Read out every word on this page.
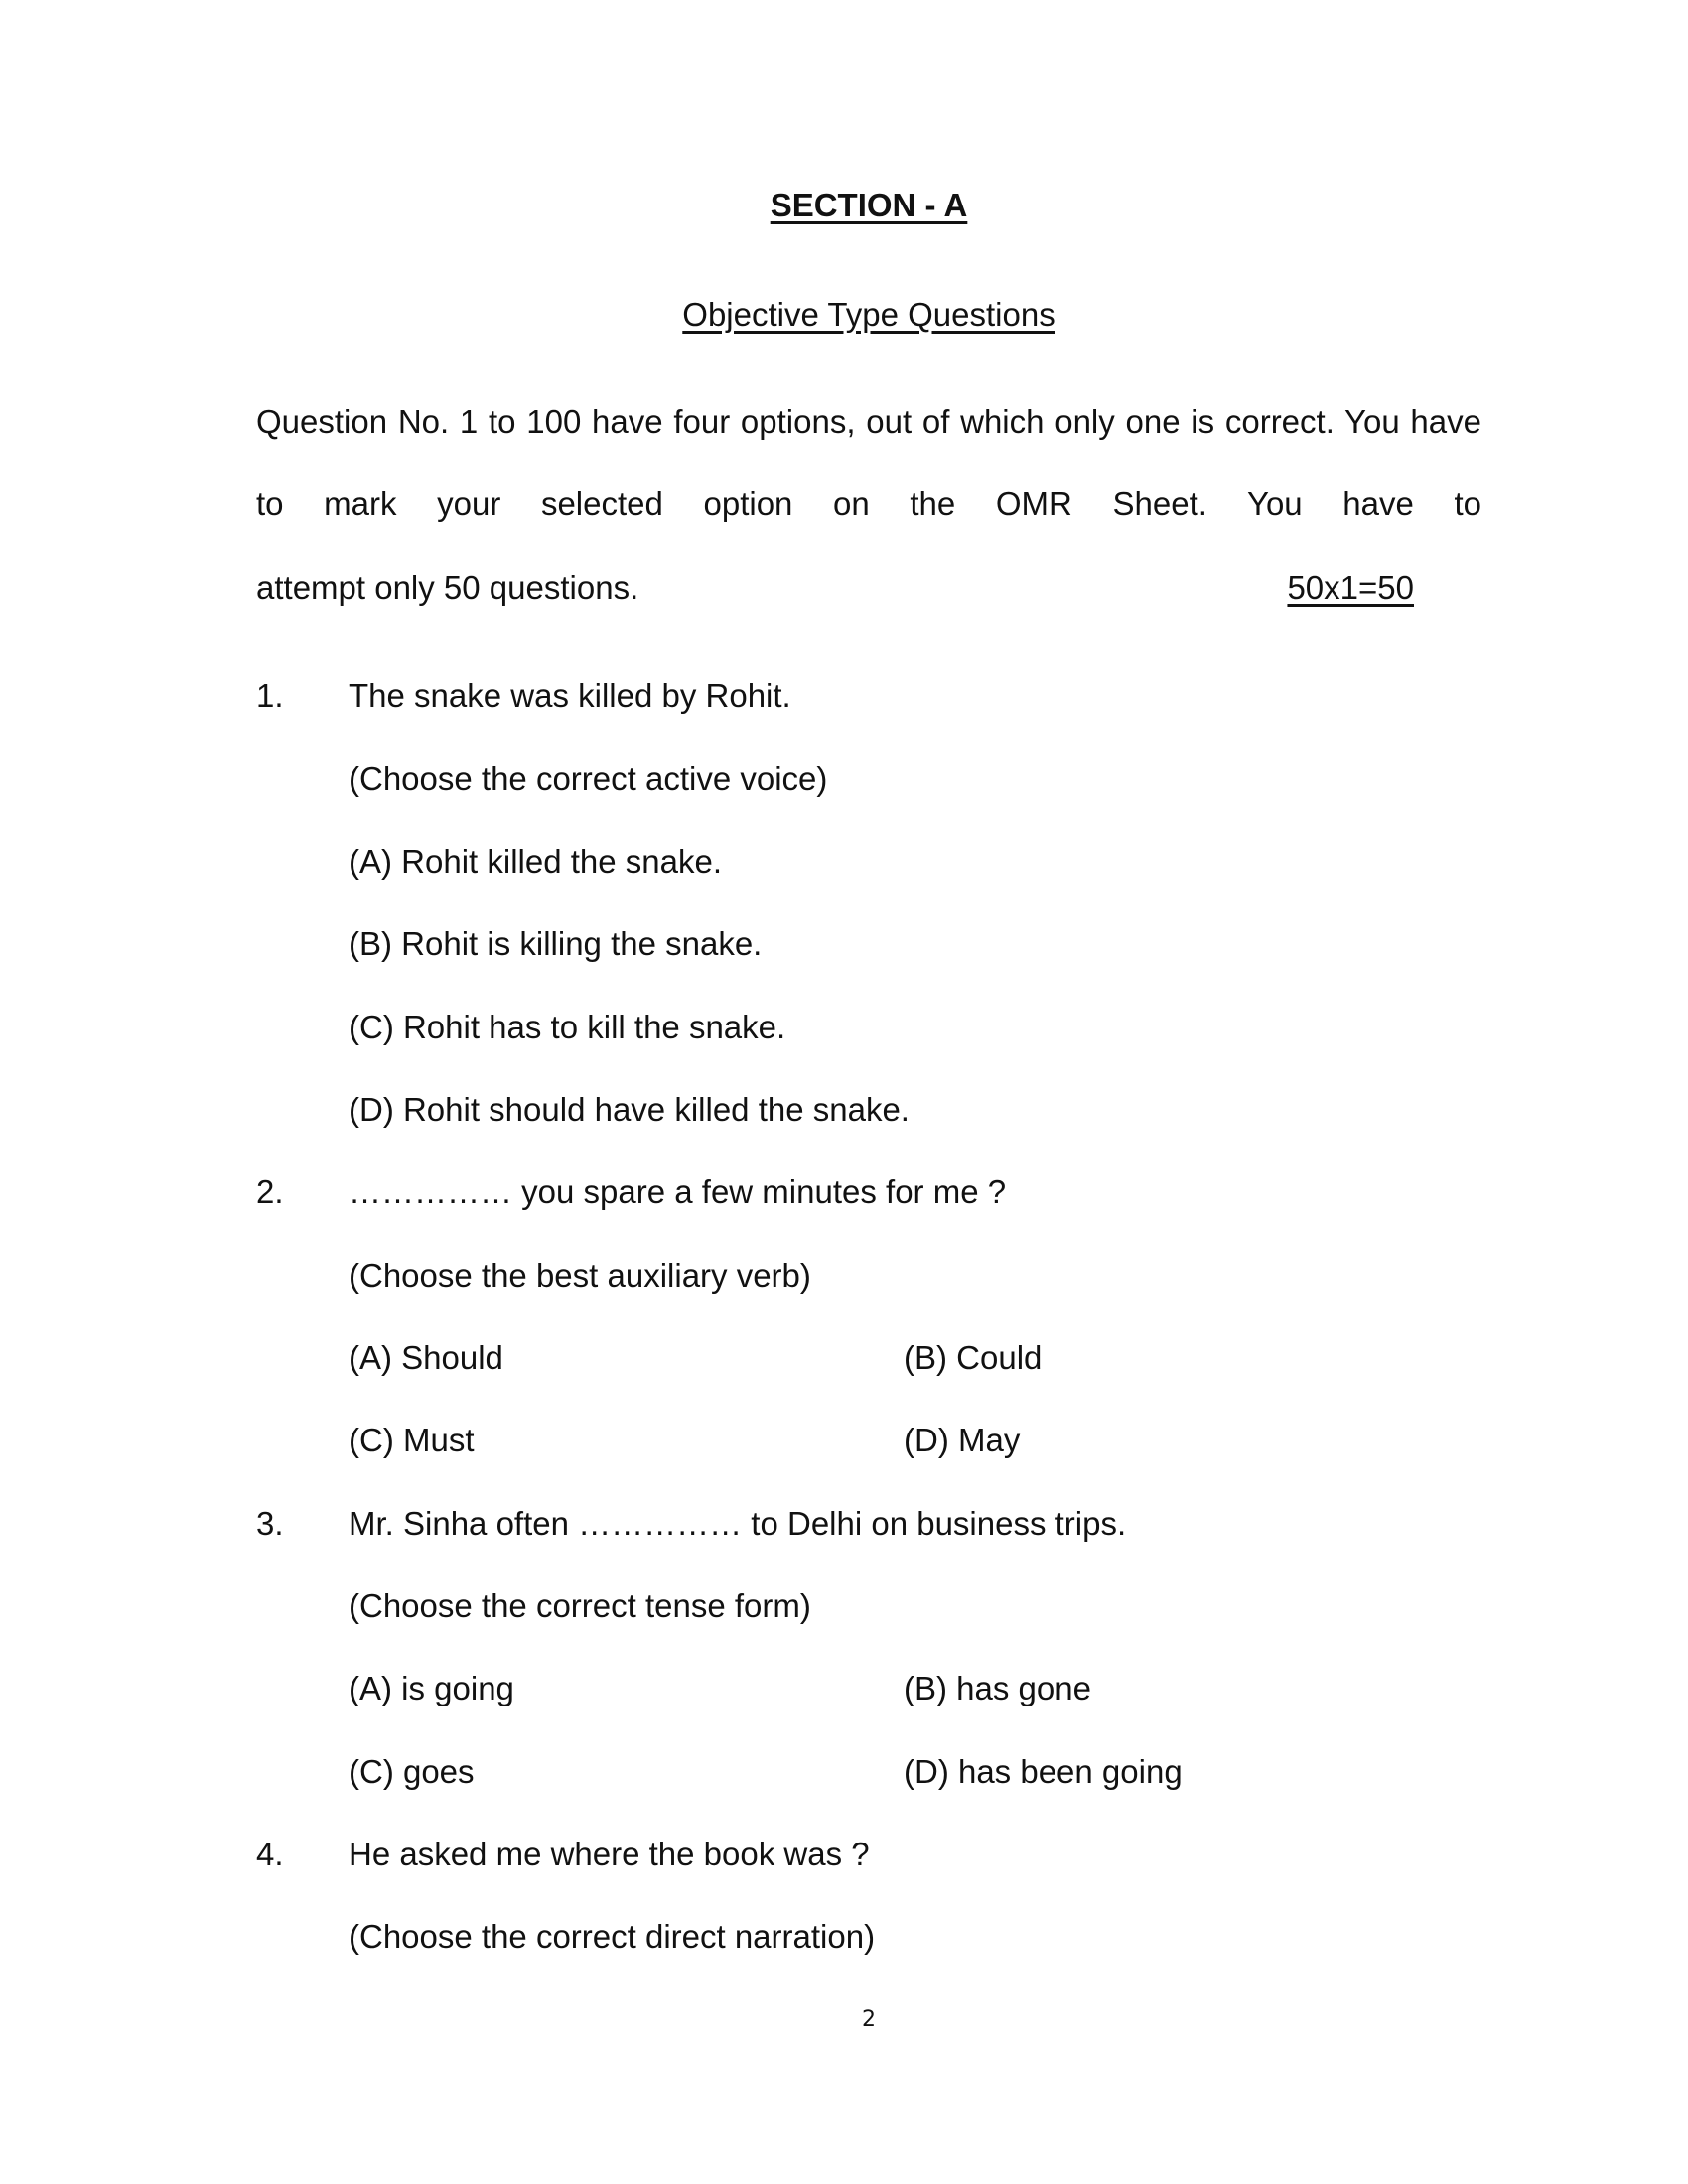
SECTION - A
Objective Type Questions
Question No. 1 to 100 have four options, out of which only one is correct. You have to mark your selected option on the OMR Sheet. You have to
attempt only 50 questions.	50x1=50
1. The snake was killed by Rohit.
(Choose the correct active voice)
(A) Rohit killed the snake.
(B) Rohit is killing the snake.
(C) Rohit has to kill the snake.
(D) Rohit should have killed the snake.
2. …………… you spare a few minutes for me ?
(Choose the best auxiliary verb)
(A) Should	(B) Could
(C) Must	(D) May
3. Mr. Sinha often …………… to Delhi on business trips.
(Choose the correct tense form)
(A) is going	(B) has gone
(C) goes	(D) has been going
4. He asked me where the book was ?
(Choose the correct direct narration)
2
